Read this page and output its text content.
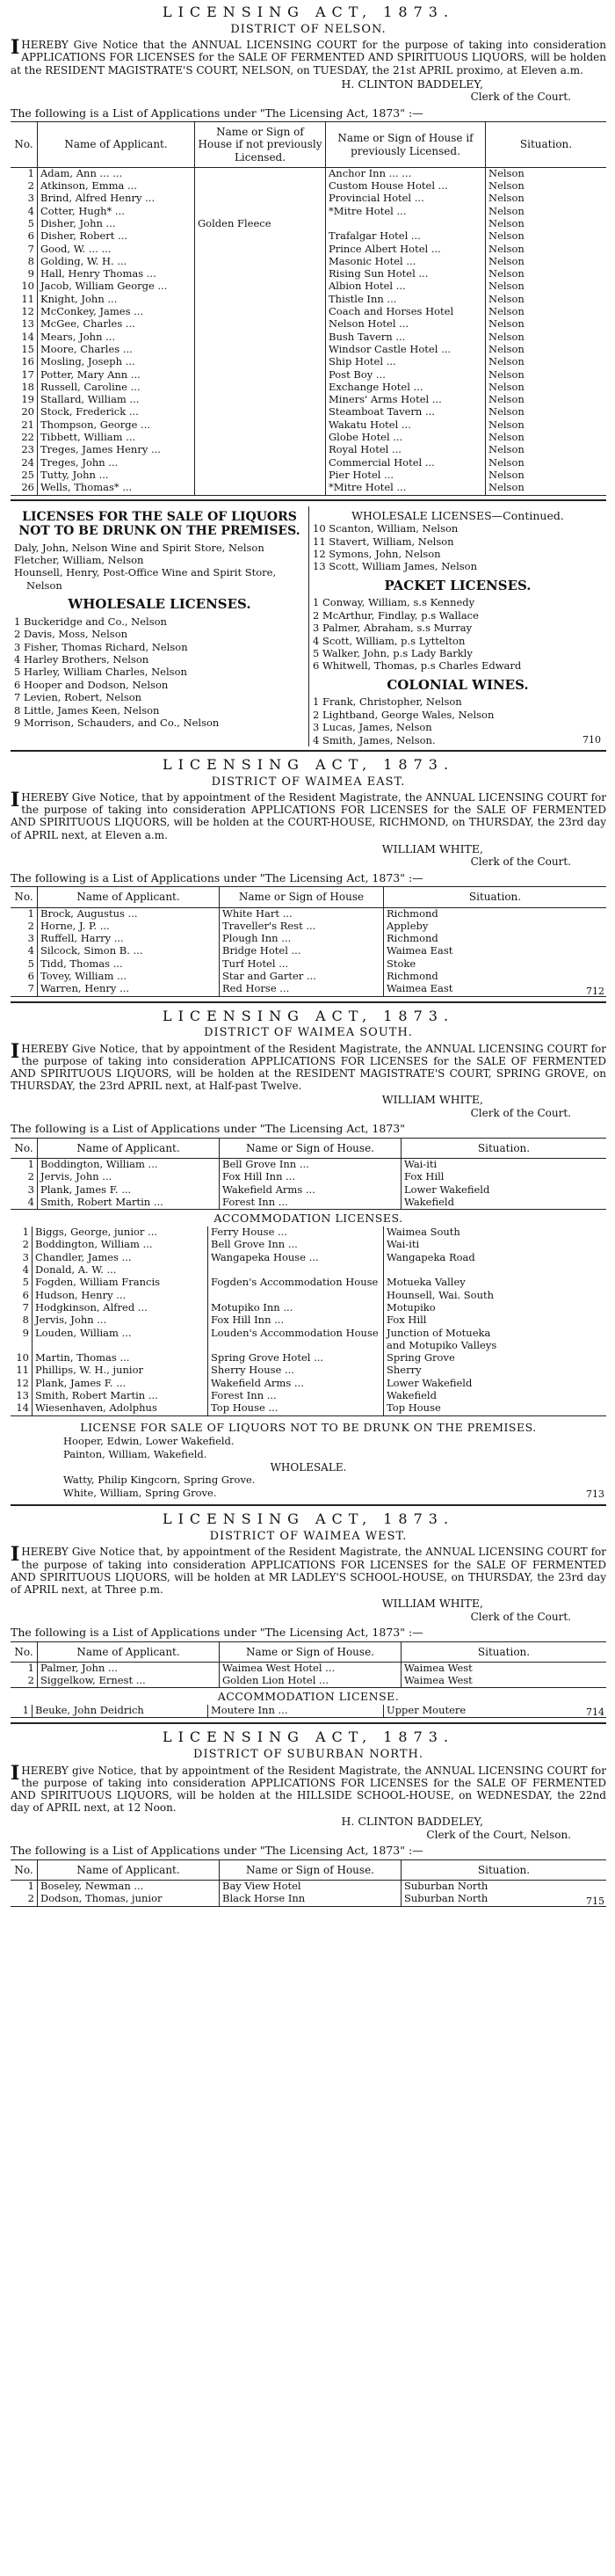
LICENSING ACT, 1873.
DISTRICT OF NELSON.

IHEREBY Give Notice that the ANNUAL LICENSING COURT for the purpose of taking into consideration APPLICATIONS FOR LICENSES for the SALE OF FERMENTED AND SPIRITUOUS LIQUORS, will be holden at the RESIDENT MAGISTRATE'S COURT, NELSON, on TUESDAY, the 21st APRIL proximo, at Eleven a.m.

H. CLINTON BADDELEY,
Clerk of the Court.
The following is a List of Applications under "The Licensing Act, 1873" :—
No.	Name of Applicant.	Name or Sign of House if not previously Licensed.	Name or Sign of House if previously Licensed.	Situation.
1	Adam, Ann ... ...		Anchor Inn ... ...	Nelson
2	Atkinson, Emma ...		Custom House Hotel ...	Nelson
3	Brind, Alfred Henry ...		Provincial Hotel ...	Nelson
4	Cotter, Hugh* ...		*Mitre Hotel ...	Nelson
5	Disher, John ...	Golden Fleece		Nelson
6	Disher, Robert ...		Trafalgar Hotel ...	Nelson
7	Good, W. ... ...		Prince Albert Hotel ...	Nelson
8	Golding, W. H. ...		Masonic Hotel ...	Nelson
9	Hall, Henry Thomas ...		Rising Sun Hotel ...	Nelson
10	Jacob, William George ...		Albion Hotel ...	Nelson
11	Knight, John ...		Thistle Inn ...	Nelson
12	McConkey, James ...		Coach and Horses Hotel	Nelson
13	McGee, Charles ...		Nelson Hotel ...	Nelson
14	Mears, John ...		Bush Tavern ...	Nelson
15	Moore, Charles ...		Windsor Castle Hotel ...	Nelson
16	Mosling, Joseph ...		Ship Hotel ...	Nelson
17	Potter, Mary Ann ...		Post Boy ...	Nelson
18	Russell, Caroline ...		Exchange Hotel ...	Nelson
19	Stallard, William ...		Miners' Arms Hotel ...	Nelson
20	Stock, Frederick ...		Steamboat Tavern ...	Nelson
21	Thompson, George ...		Wakatu Hotel ...	Nelson
22	Tibbett, William ...		Globe Hotel ...	Nelson
23	Treges, James Henry ...		Royal Hotel ...	Nelson
24	Treges, John ...		Commercial Hotel ...	Nelson
25	Tutty, John ...		Pier Hotel ...	Nelson
26	Wells, Thomas* ...		*Mitre Hotel ...	Nelson
LICENSES FOR THE SALE OF LIQUORS NOT TO BE DRUNK ON THE PREMISES.
Daly, John, Nelson Wine and Spirit Store, Nelson
Fletcher, William, Nelson
Hounsell, Henry, Post-Office Wine and Spirit Store, Nelson
WHOLESALE LICENSES.
1 Buckeridge and Co., Nelson
2 Davis, Moss, Nelson
3 Fisher, Thomas Richard, Nelson
4 Harley Brothers, Nelson
5 Harley, William Charles, Nelson
6 Hooper and Dodson, Nelson
7 Levien, Robert, Nelson
8 Little, James Keen, Nelson
9 Morrison, Schauders, and Co., Nelson
WHOLESALE LICENSES—Continued.
10 Scanton, William, Nelson
11 Stavert, William, Nelson
12 Symons, John, Nelson
13 Scott, William James, Nelson
PACKET LICENSES.
1 Conway, William, s.s Kennedy
2 McArthur, Findlay, p.s Wallace
3 Palmer, Abraham, s.s Murray
4 Scott, William, p.s Lyttelton
5 Walker, John, p.s Lady Barkly
6 Whitwell, Thomas, p.s Charles Edward
COLONIAL WINES.
1 Frank, Christopher, Nelson
2 Lightband, George Wales, Nelson
3 Lucas, James, Nelson
4 Smith, James, Nelson.	710
LICENSING ACT, 1873.
DISTRICT OF WAIMEA EAST.

IHEREBY Give Notice, that by appointment of the Resident Magistrate, the ANNUAL LICENSING COURT for the purpose of taking into consideration APPLICATIONS FOR LICENSES for the SALE OF FERMENTED AND SPIRITUOUS LIQUORS, will be holden at the COURT-HOUSE, RICHMOND, on THURSDAY, the 23rd day of APRIL next, at Eleven a.m.

WILLIAM WHITE,
Clerk of the Court.
The following is a List of Applications under "The Licensing Act, 1873" :—
No.	Name of Applicant.	Name or Sign of House	Situation.
1	Brock, Augustus ...	White Hart ...	Richmond
2	Horne, J. P. ...	Traveller's Rest ...	Appleby
3	Ruffell, Harry ...	Plough Inn ...	Richmond
4	Silcock, Simon B. ...	Bridge Hotel ...	Waimea East
5	Tidd, Thomas ...	Turf Hotel ...	Stoke
6	Tovey, William ...	Star and Garter ...	Richmond
7	Warren, Henry ...	Red Horse ...	Waimea East	712
LICENSING ACT, 1873.
DISTRICT OF WAIMEA SOUTH.

IHEREBY Give Notice, that by appointment of the Resident Magistrate, the ANNUAL LICENSING COURT for the purpose of taking into consideration APPLICATIONS FOR LICENSES for the SALE OF FERMENTED AND SPIRITUOUS LIQUORS, will be holden at the RESIDENT MAGISTRATE'S COURT, SPRING GROVE, on THURSDAY, the 23rd APRIL next, at Half-past Twelve.

WILLIAM WHITE,
Clerk of the Court.
The following is a List of Applications under "The Licensing Act, 1873"
No.	Name of Applicant.	Name or Sign of House.	Situation.
1	Boddington, William ...	Bell Grove Inn ...	Wai-iti
2	Jervis, John ...	Fox Hill Inn ...	Fox Hill
3	Plank, James F. ...	Wakefield Arms ...	Lower Wakefield
4	Smith, Robert Martin ...	Forest Inn ...	Wakefield
ACCOMMODATION LICENSES.
1	Biggs, George, junior ...	Ferry House ...	Waimea South
2	Boddington, William ...	Bell Grove Inn ...	Wai-iti
3	Chandler, James ...	Wangapeka House ...	Wangapeka Road
4	Donald, A. W. ...		
5	Fogden, William Francis	Fogden's Accommodation House	Motueka Valley
6	Hudson, Henry ...		Hounsell, Wai. South
7	Hodgkinson, Alfred ...	Motupiko Inn ...	Motupiko
8	Jervis, John ...	Fox Hill Inn ...	Fox Hill
9	Louden, William ...	Louden's Accommodation House	Junction of Motueka
			and Motupiko Valleys
10	Martin, Thomas ...	Spring Grove Hotel ...	Spring Grove
11	Phillips, W. H., junior	Sherry House ...	Sherry
12	Plank, James F. ...	Wakefield Arms ...	Lower Wakefield
13	Smith, Robert Martin ...	Forest Inn ...	Wakefield
14	Wiesenhaven, Adolphus	Top House ...	Top House
LICENSE FOR SALE OF LIQUORS NOT TO BE DRUNK ON THE PREMISES.
Hooper, Edwin, Lower Wakefield.
Painton, William, Wakefield.
WHOLESALE.
Watty, Philip Kingcorn, Spring Grove.
White, William, Spring Grove.	713
LICENSING ACT, 1873.
DISTRICT OF WAIMEA WEST.

IHEREBY Give Notice that, by appointment of the Resident Magistrate, the ANNUAL LICENSING COURT for the purpose of taking into consideration APPLICATIONS FOR LICENSES for the SALE OF FERMENTED AND SPIRITUOUS LIQUORS, will be holden at MR LADLEY'S SCHOOL-HOUSE, on THURSDAY, the 23rd day of APRIL next, at Three p.m.

WILLIAM WHITE,
Clerk of the Court.
The following is a List of Applications under "The Licensing Act, 1873" :—
No.	Name of Applicant.	Name or Sign of House.	Situation.
1	Palmer, John ...	Waimea West Hotel ...	Waimea West
2	Siggelkow, Ernest ...	Golden Lion Hotel ...	Waimea West
ACCOMMODATION LICENSE.
1	Beuke, John Deidrich	Moutere Inn ...	Upper Moutere	714
LICENSING ACT, 1873.
DISTRICT OF SUBURBAN NORTH.

IHEREBY give Notice, that by appointment of the Resident Magistrate, the ANNUAL LICENSING COURT for the purpose of taking into consideration APPLICATIONS FOR LICENSES for the SALE OF FERMENTED AND SPIRITUOUS LIQUORS, will be holden at the HILLSIDE SCHOOL-HOUSE, on WEDNESDAY, the 22nd day of APRIL next, at 12 Noon.

H. CLINTON BADDELEY,
Clerk of the Court, Nelson.
The following is a List of Applications under "The Licensing Act, 1873" :—
No.	Name of Applicant.	Name or Sign of House.	Situation.
1	Boseley, Newman ...	Bay View Hotel	Suburban North
2	Dodson, Thomas, junior	Black Horse Inn	Suburban North	715
